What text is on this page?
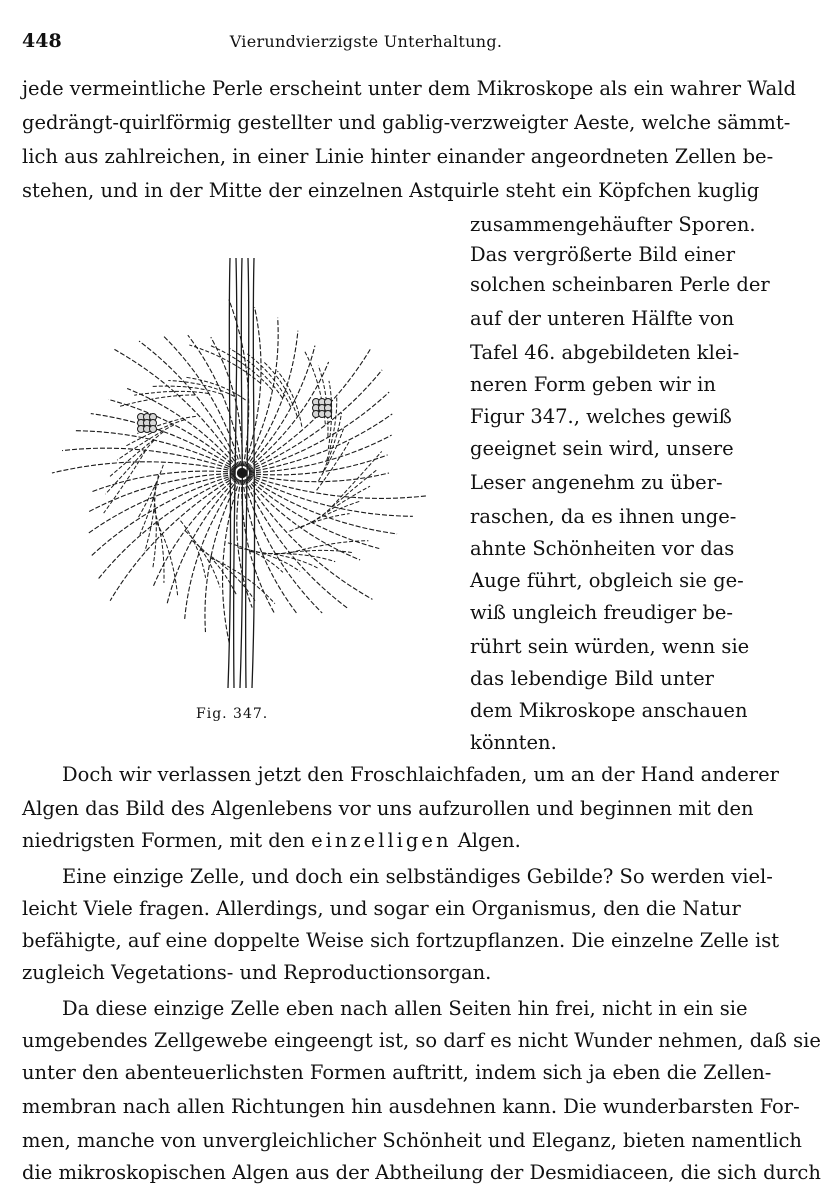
448	Vierundvierzigste Unterhaltung.
jede vermeintliche Perle erscheint unter dem Mikroskope als ein wahrer Wald
gedrängt-quirlförmig gestellter und gablig-verzweigter Aeste, welche sämmt-
lich aus zahlreichen, in einer Linie hinter einander angeordneten Zellen be-
stehen, und in der Mitte der einzelnen Astquirle steht ein Köpfchen kuglig
zusammengehäufter Sporen.
Das vergrößerte Bild einer
solchen scheinbaren Perle der
auf der unteren Hälfte von
Tafel 46. abgebildeten klei-
neren Form geben wir in
Figur 347., welches gewiß
geeignet sein wird, unsere
Leser angenehm zu über-
raschen, da es ihnen unge-
ahnte Schönheiten vor das
Auge führt, obgleich sie ge-
wiß ungleich freudiger be-
rührt sein würden, wenn sie
das lebendige Bild unter
dem Mikroskope anschauen
könnten.
Fig. 347.
Doch wir verlassen jetzt den Froschlaichfaden, um an der Hand anderer
Algen das Bild des Algenlebens vor uns aufzurollen und beginnen mit den
niedrigsten Formen, mit den einzelligen Algen.
Eine einzige Zelle, und doch ein selbständiges Gebilde? So werden viel-
leicht Viele fragen. Allerdings, und sogar ein Organismus, den die Natur
befähigte, auf eine doppelte Weise sich fortzupflanzen. Die einzelne Zelle ist
zugleich Vegetations- und Reproductionsorgan.
Da diese einzige Zelle eben nach allen Seiten hin frei, nicht in ein sie
umgebendes Zellgewebe eingeengt ist, so darf es nicht Wunder nehmen, daß sie
unter den abenteuerlichsten Formen auftritt, indem sich ja eben die Zellen-
membran nach allen Richtungen hin ausdehnen kann. Die wunderbarsten For-
men, manche von unvergleichlicher Schönheit und Eleganz, bieten namentlich
die mikroskopischen Algen aus der Abtheilung der Desmidiaceen, die sich durch
